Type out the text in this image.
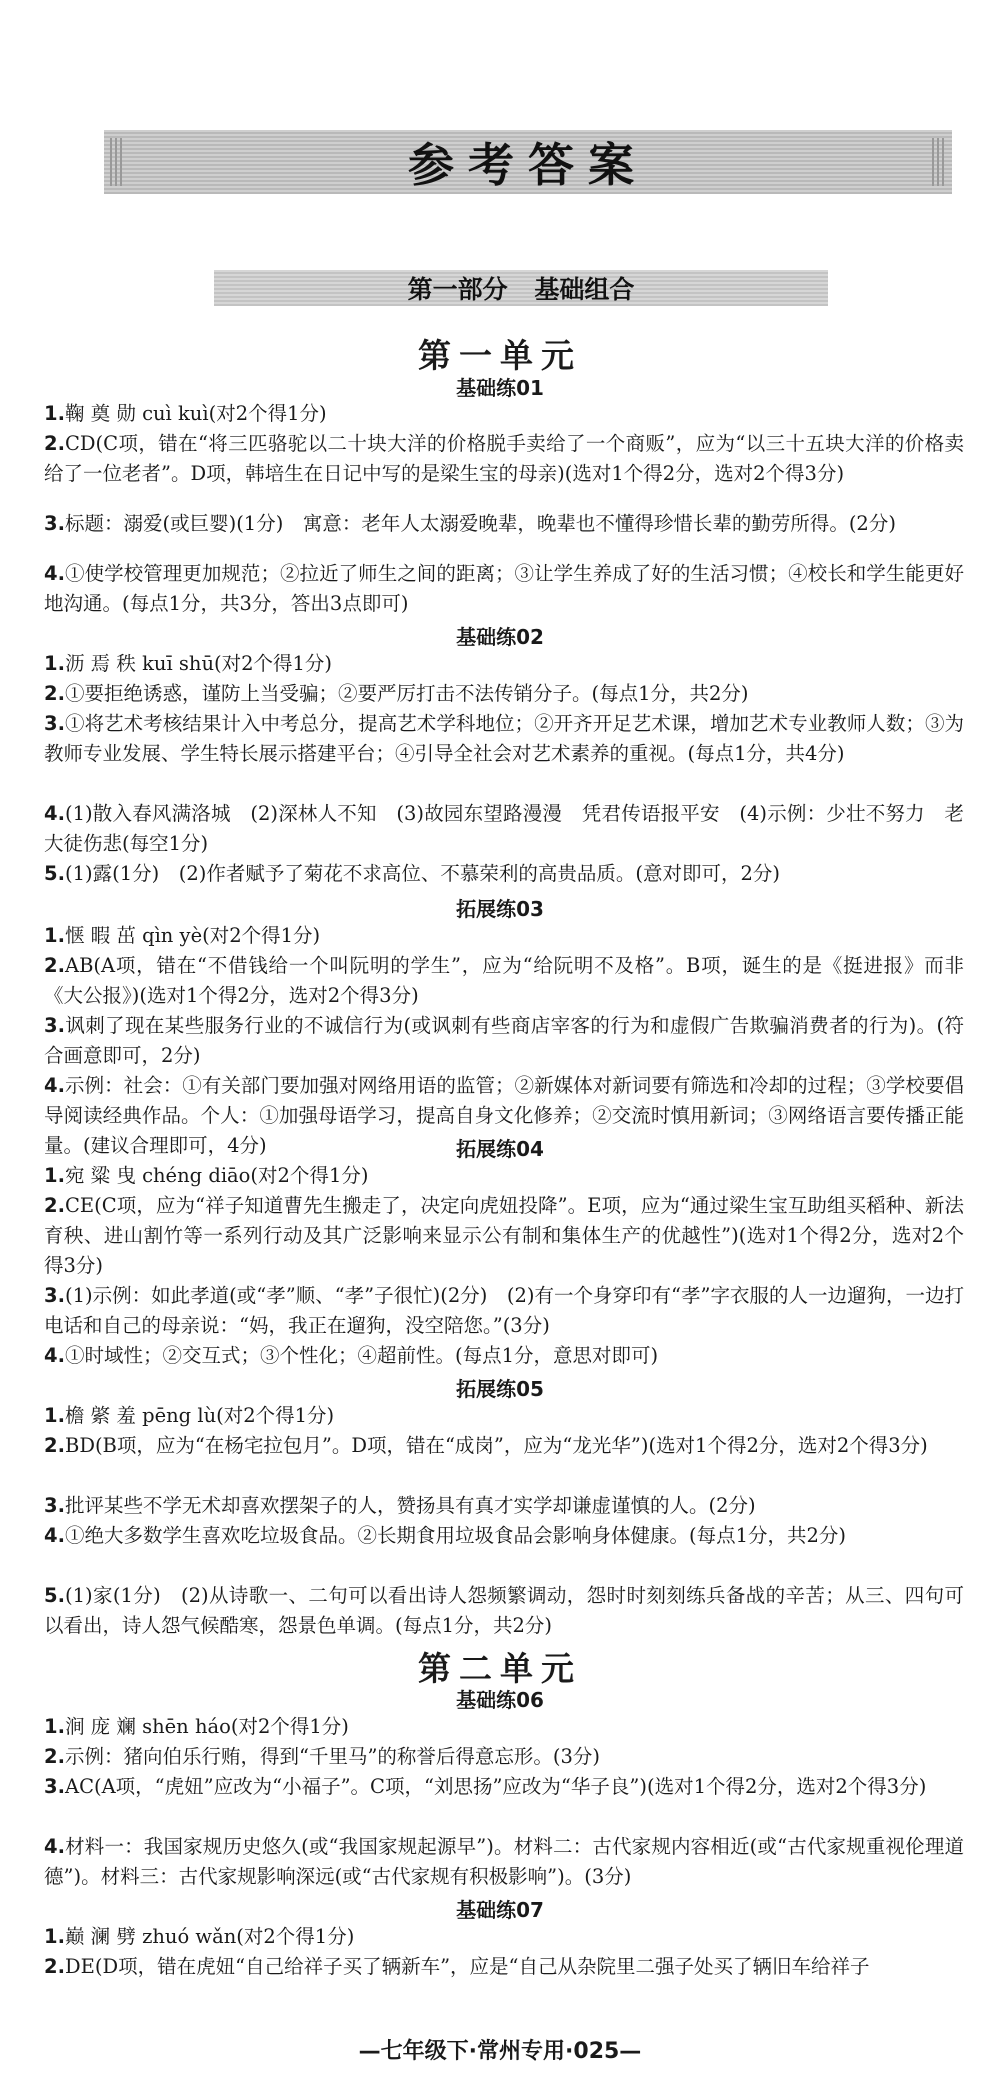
参考答案
第一部分 基础组合
第一单元
基础练01
1.鞠 奠 勋 cuì kuì(对2个得1分)
2.CD(C项，错在“将三匹骆驼以二十块大洋的价格脱手卖给了一个商贩”，应为“以三十五块大洋的价格卖给了一位老者”。D项，韩培生在日记中写的是梁生宝的母亲)(选对1个得2分，选对2个得3分)
3.标题：溺爱(或巨婴)(1分)　寓意：老年人太溺爱晚辈，晚辈也不懂得珍惜长辈的勤劳所得。(2分)
4.①使学校管理更加规范；②拉近了师生之间的距离；③让学生养成了好的生活习惯；④校长和学生能更好地沟通。(每点1分，共3分，答出3点即可)
基础练02
1.沥 焉 秩 kuī shū(对2个得1分)
2.①要拒绝诱惑，谨防上当受骗；②要严厉打击不法传销分子。(每点1分，共2分)
3.①将艺术考核结果计入中考总分，提高艺术学科地位；②开齐开足艺术课，增加艺术专业教师人数；③为教师专业发展、学生特长展示搭建平台；④引导全社会对艺术素养的重视。(每点1分，共4分)
4.(1)散入春风满洛城　(2)深林人不知　(3)故园东望路漫漫　凭君传语报平安　(4)示例：少壮不努力　老大徒伤悲(每空1分)
5.(1)露(1分)　(2)作者赋予了菊花不求高位、不慕荣利的高贵品质。(意对即可，2分)
拓展练03
1.惬 暇 茁 qìn yè(对2个得1分)
2.AB(A项，错在“不借钱给一个叫阮明的学生”，应为“给阮明不及格”。B项，诞生的是《挺进报》而非《大公报》)(选对1个得2分，选对2个得3分)
3.讽刺了现在某些服务行业的不诚信行为(或讽刺有些商店宰客的行为和虚假广告欺骗消费者的行为)。(符合画意即可，2分)
4.示例：社会：①有关部门要加强对网络用语的监管；②新媒体对新词要有筛选和冷却的过程；③学校要倡导阅读经典作品。个人：①加强母语学习，提高自身文化修养；②交流时慎用新词；③网络语言要传播正能量。(建议合理即可，4分)	拓展练04
1.宛 粱 曳 chéng diāo(对2个得1分)
2.CE(C项，应为“祥子知道曹先生搬走了，决定向虎妞投降”。E项，应为“通过梁生宝互助组买稻种、新法育秧、进山割竹等一系列行动及其广泛影响来显示公有制和集体生产的优越性”)(选对1个得2分，选对2个得3分)
3.(1)示例：如此孝道(或“孝”顺、“孝”子很忙)(2分)　(2)有一个身穿印有“孝”字衣服的人一边遛狗，一边打电话和自己的母亲说：“妈，我正在遛狗，没空陪您。”(3分)
4.①时域性；②交互式；③个性化；④超前性。(每点1分，意思对即可)
拓展练05
1.檐 綮 羞 pēng lù(对2个得1分)
2.BD(B项，应为“在杨宅拉包月”。D项，错在“成岗”，应为“龙光华”)(选对1个得2分，选对2个得3分)
3.批评某些不学无术却喜欢摆架子的人，赞扬具有真才实学却谦虚谨慎的人。(2分)
4.①绝大多数学生喜欢吃垃圾食品。②长期食用垃圾食品会影响身体健康。(每点1分，共2分)
5.(1)家(1分)　(2)从诗歌一、二句可以看出诗人怨频繁调动，怨时时刻刻练兵备战的辛苦；从三、四句可以看出，诗人怨气候酷寒，怨景色单调。(每点1分，共2分)
第二单元
基础练06
1.涧 庞 斓 shēn háo(对2个得1分)
2.示例：猪向伯乐行贿，得到“千里马”的称誉后得意忘形。(3分)
3.AC(A项，“虎妞”应改为“小福子”。C项，“刘思扬”应改为“华子良”)(选对1个得2分，选对2个得3分)
4.材料一：我国家规历史悠久(或“我国家规起源早”)。材料二：古代家规内容相近(或“古代家规重视伦理道德”)。材料三：古代家规影响深远(或“古代家规有积极影响”)。(3分)
基础练07
1.巅 澜 劈 zhuó wǎn(对2个得1分)
2.DE(D项，错在虎妞“自己给祥子买了辆新车”，应是“自己从杂院里二强子处买了辆旧车给祥子
—七年级下·常州专用·025—
